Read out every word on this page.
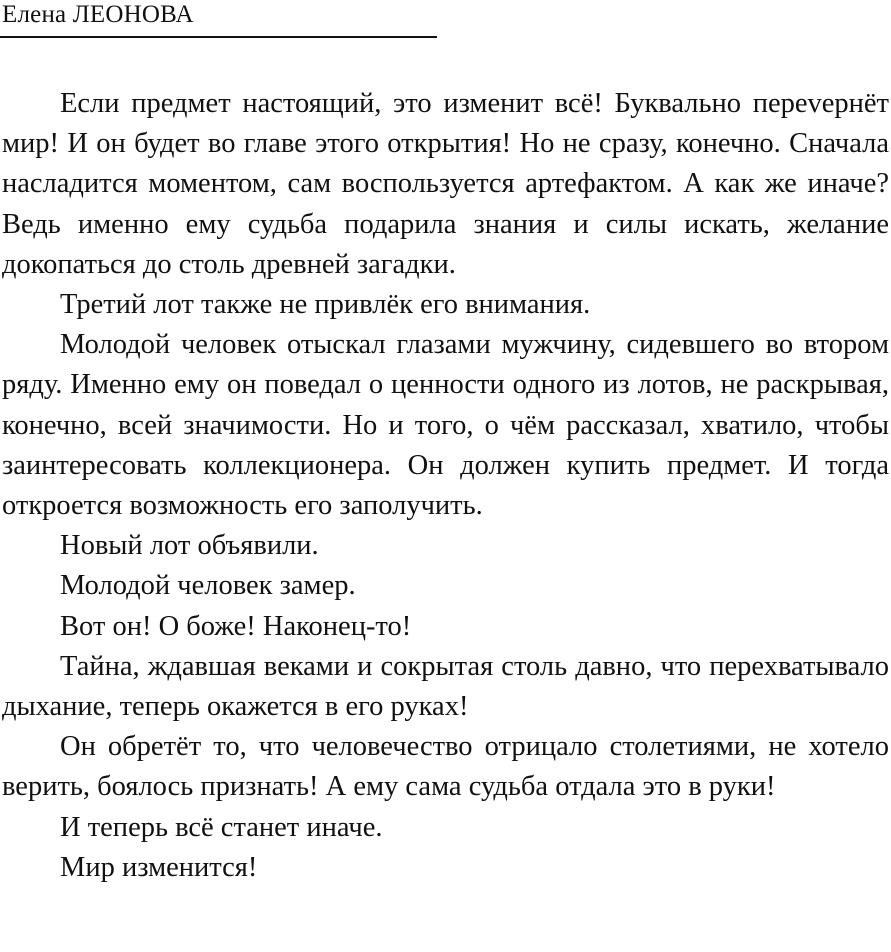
Елена ЛЕОНОВА

Если предмет настоящий, это изменит всё! Буквально переvернёт мир! И он будет во главе этого открытия! Но не сразу, конечно. Сначала насладится моментом, сам воспользуется артефактом. А как же иначе? Ведь именно ему судьба подарила знания и силы искать, желание докопаться до столь древней загадки.

Третий лот также не привлёк его внимания.

Молодой человек отыскал глазами мужчину, сидевшего во втором ряду. Именно ему он поведал о ценности одного из лотов, не раскрывая, конечно, всей значимости. Но и того, о чём рассказал, хватило, чтобы заинтересовать коллекционера. Он должен купить предмет. И тогда откроется возможность его заполучить.

Новый лот объявили.

Молодой человек замер.

Вот он! О боже! Наконец-то!

Тайна, ждавшая веками и сокрытая столь давно, что перехватывало дыхание, теперь окажется в его руках!

Он обретёт то, что человечество отрицало столетиями, не хотело верить, боялось признать! А ему сама судьба отдала это в руки!

И теперь всё станет иначе.

Мир изменится!
